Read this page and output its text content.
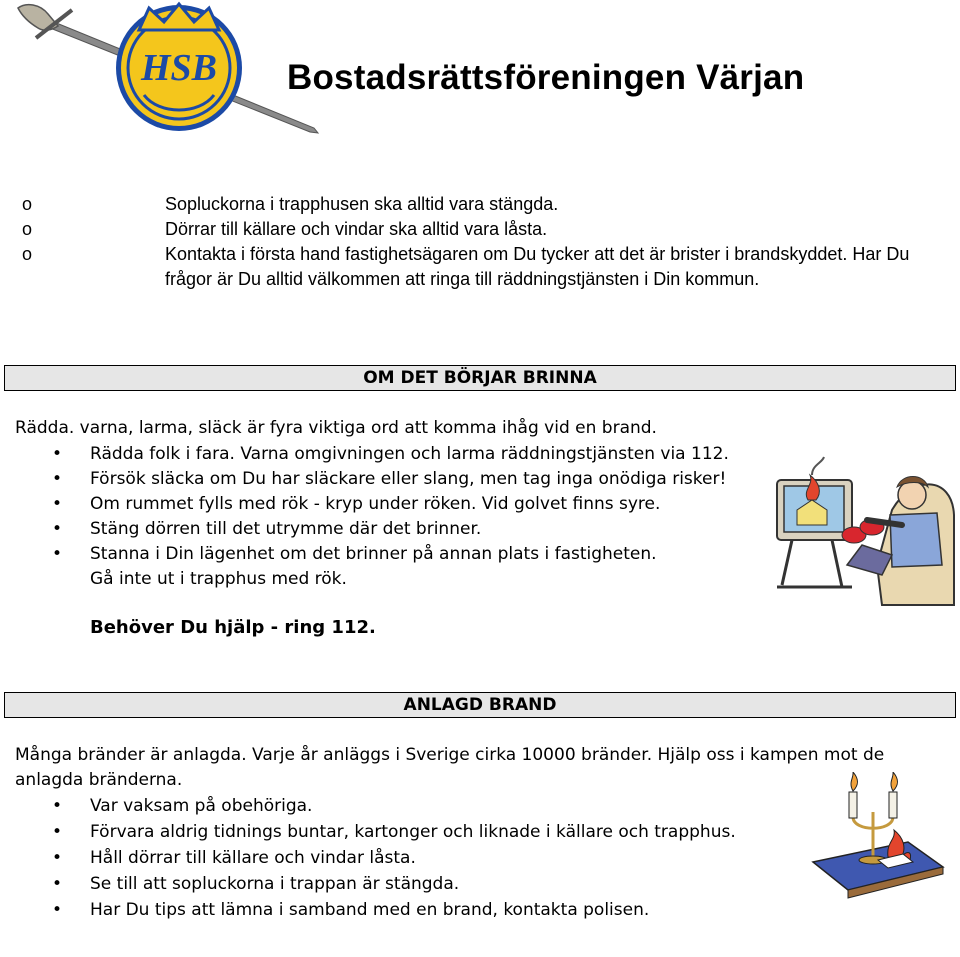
HSB Bostadsrättsföreningen Värjan
o	Sopluckorna i trapphusen ska alltid vara stängda.
o	Dörrar till källare och vindar ska alltid vara låsta.
o	Kontakta i första hand fastighetsägaren om Du tycker att det är brister i brandskyddet. Har Du frågor är Du alltid välkommen att ringa till räddningstjänsten i Din kommun.
OM DET BÖRJAR BRINNA
Rädda. varna, larma, släck är fyra viktiga ord att komma ihåg vid en brand.
• Rädda folk i fara. Varna omgivningen och larma räddningstjänsten via 112.
• Försök släcka om Du har släckare eller slang, men tag inga onödiga risker!
• Om rummet fylls med rök - kryp under röken. Vid golvet finns syre.
• Stäng dörren till det utrymme där det brinner.
• Stanna i Din lägenhet om det brinner på annan plats i fastigheten.
Gå inte ut i trapphus med rök.
Behöver Du hjälp - ring 112.
ANLAGD BRAND
Många bränder är anlagda. Varje år anläggs i Sverige cirka 10000 bränder. Hjälp oss i kampen mot de anlagda bränderna.
• Var vaksam på obehöriga.
• Förvara aldrig tidnings buntar, kartonger och liknade i källare och trapphus.
• Håll dörrar till källare och vindar låsta.
• Se till att sopluckorna i trappan är stängda.
• Har Du tips att lämna i samband med en brand, kontakta polisen.
